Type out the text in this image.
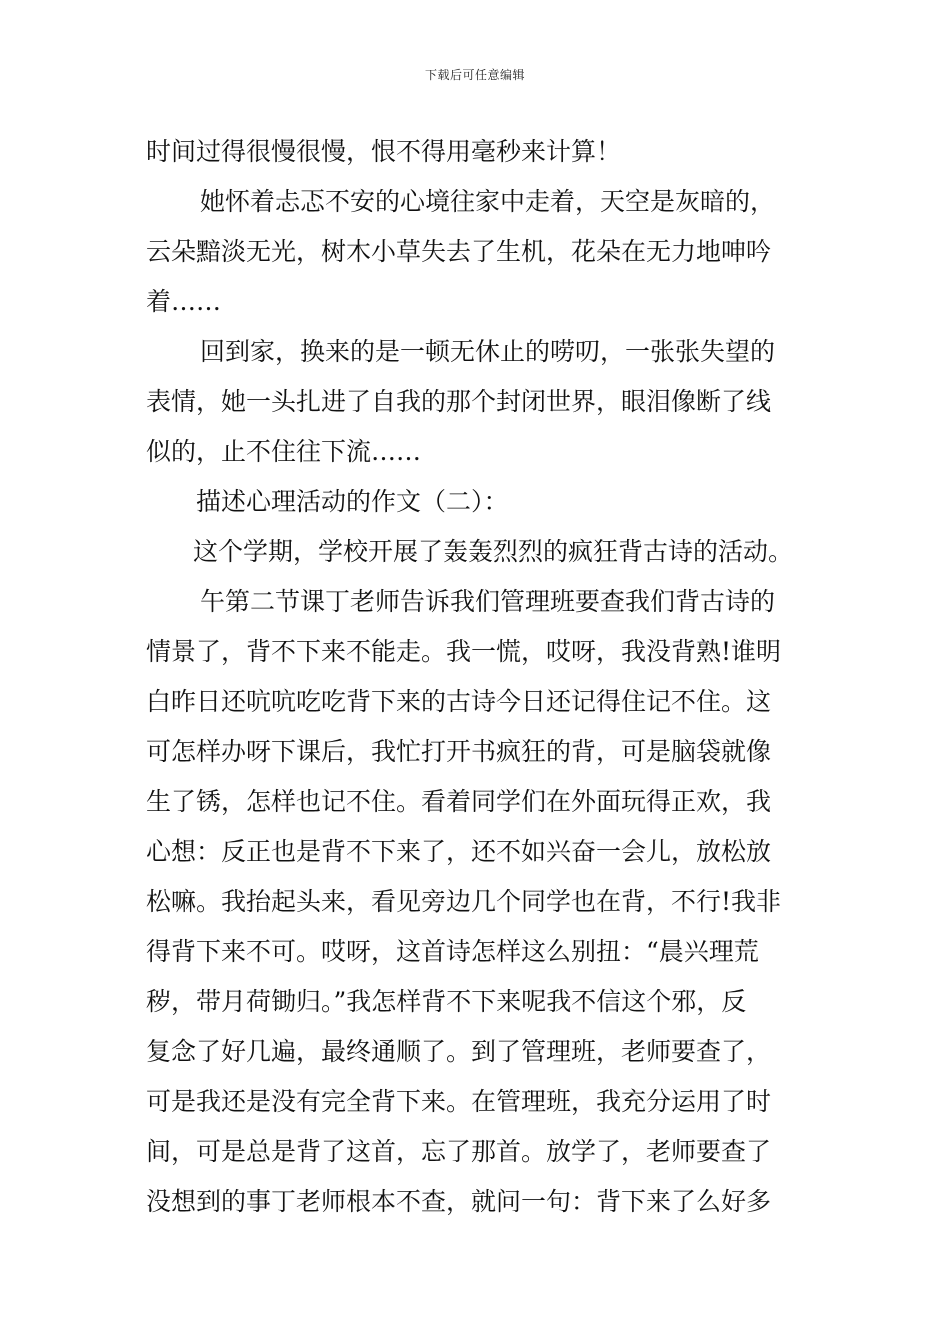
下载后可任意编辑
时间过得很慢很慢，恨不得用毫秒来计算！
她怀着忐忑不安的心境往家中走着，天空是灰暗的，
云朵黯淡无光，树木小草失去了生机，花朵在无力地呻吟
着……
回到家，换来的是一顿无休止的唠叨，一张张失望的
表情，她一头扎进了自我的那个封闭世界，眼泪像断了线
似的，止不住往下流……
描述心理活动的作文（二）：
这个学期，学校开展了轰轰烈烈的疯狂背古诗的活动。
午第二节课丁老师告诉我们管理班要查我们背古诗的
情景了，背不下来不能走。我一慌，哎呀，我没背熟!谁明
白昨日还吭吭吃吃背下来的古诗今日还记得住记不住。这
可怎样办呀下课后，我忙打开书疯狂的背，可是脑袋就像
生了锈，怎样也记不住。看着同学们在外面玩得正欢，我
心想：反正也是背不下来了，还不如兴奋一会儿，放松放
松嘛。我抬起头来，看见旁边几个同学也在背，不行!我非
得背下来不可。哎呀，这首诗怎样这么别扭：“晨兴理荒
秽，带月荷锄归。”我怎样背不下来呢我不信这个邪，反
复念了好几遍，最终通顺了。到了管理班，老师要查了，
可是我还是没有完全背下来。在管理班，我充分运用了时
间，可是总是背了这首，忘了那首。放学了，老师要查了
没想到的事丁老师根本不查，就问一句：背下来了么好多
